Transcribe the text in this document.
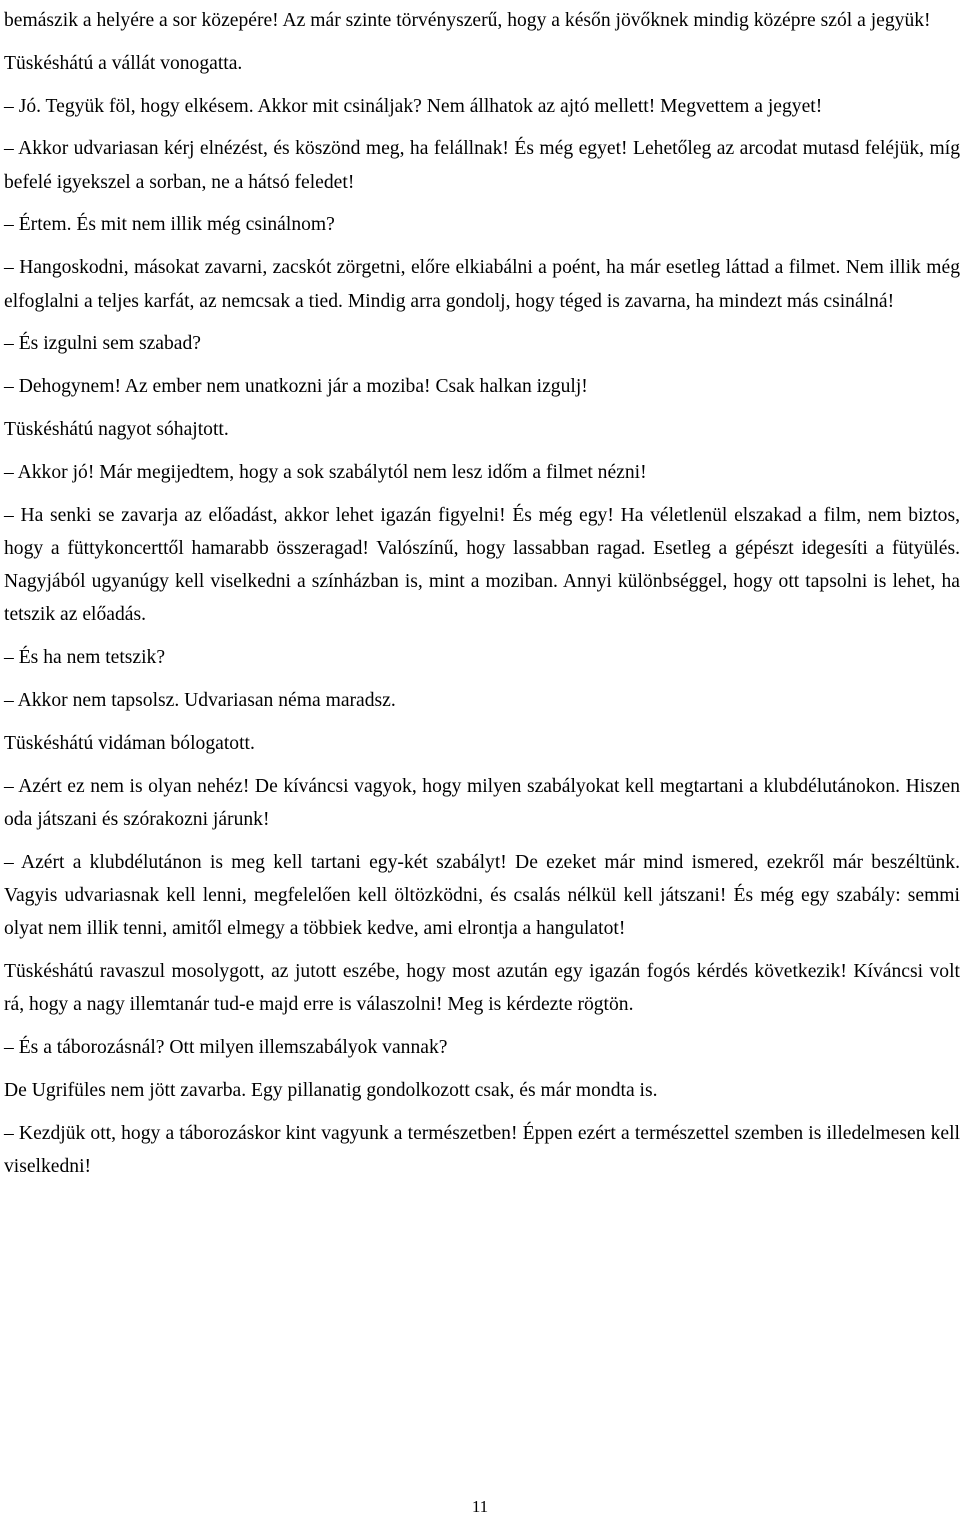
bemászik a helyére a sor közepére! Az már szinte törvényszerű, hogy a későn jövőknek mindig középre szól a jegyük!

Tüskéshátú a vállát vonogatta.

– Jó. Tegyük föl, hogy elkésem. Akkor mit csináljak? Nem állhatok az ajtó mellett! Megvettem a jegyet!

– Akkor udvariasan kérj elnézést, és köszönd meg, ha felállnak! És még egyet! Lehetőleg az arcodat mutasd feléjük, míg befelé igyekszel a sorban, ne a hátsó feledet!

– Értem. És mit nem illik még csinálnom?

– Hangoskodni, másokat zavarni, zacskót zörgetni, előre elkiabálni a poént, ha már esetleg láttad a filmet. Nem illik még elfoglalni a teljes karfát, az nemcsak a tied. Mindig arra gondolj, hogy téged is zavarna, ha mindezt más csinálná!

– És izgulni sem szabad?

– Dehogynem! Az ember nem unatkozni jár a moziba! Csak halkan izgulj!

Tüskéshátú nagyot sóhajtott.

– Akkor jó! Már megijedtem, hogy a sok szabálytól nem lesz időm a filmet nézni!

– Ha senki se zavarja az előadást, akkor lehet igazán figyelni! És még egy! Ha véletlenül elszakad a film, nem biztos, hogy a füttykoncerttől hamarabb összeragad! Valószínű, hogy lassabban ragad. Esetleg a gépészt idegesíti a fütyülés. Nagyjából ugyanúgy kell viselkedni a színházban is, mint a moziban. Annyi különbséggel, hogy ott tapsolni is lehet, ha tetszik az előadás.

– És ha nem tetszik?

– Akkor nem tapsolsz. Udvariasan néma maradsz.

Tüskéshátú vidáman bólogatott.

– Azért ez nem is olyan nehéz! De kíváncsi vagyok, hogy milyen szabályokat kell megtartani a klubdélutánokon. Hiszen oda játszani és szórakozni járunk!

– Azért a klubdélutánon is meg kell tartani egy-két szabályt! De ezeket már mind ismered, ezekről már beszéltünk. Vagyis udvariasnak kell lenni, megfelelően kell öltözködni, és csalás nélkül kell játszani! És még egy szabály: semmi olyat nem illik tenni, amitől elmegy a többiek kedve, ami elrontja a hangulatot!

Tüskéshátú ravaszul mosolygott, az jutott eszébe, hogy most azután egy igazán fogós kérdés következik! Kíváncsi volt rá, hogy a nagy illemtanár tud-e majd erre is válaszolni! Meg is kérdezte rögtön.

– És a táborozásnál? Ott milyen illemszabályok vannak?

De Ugrifüles nem jött zavarba. Egy pillanatig gondolkozott csak, és már mondta is.

– Kezdjük ott, hogy a táborozáskor kint vagyunk a természetben! Éppen ezért a természettel szemben is illedelmesen kell viselkedni!

11
